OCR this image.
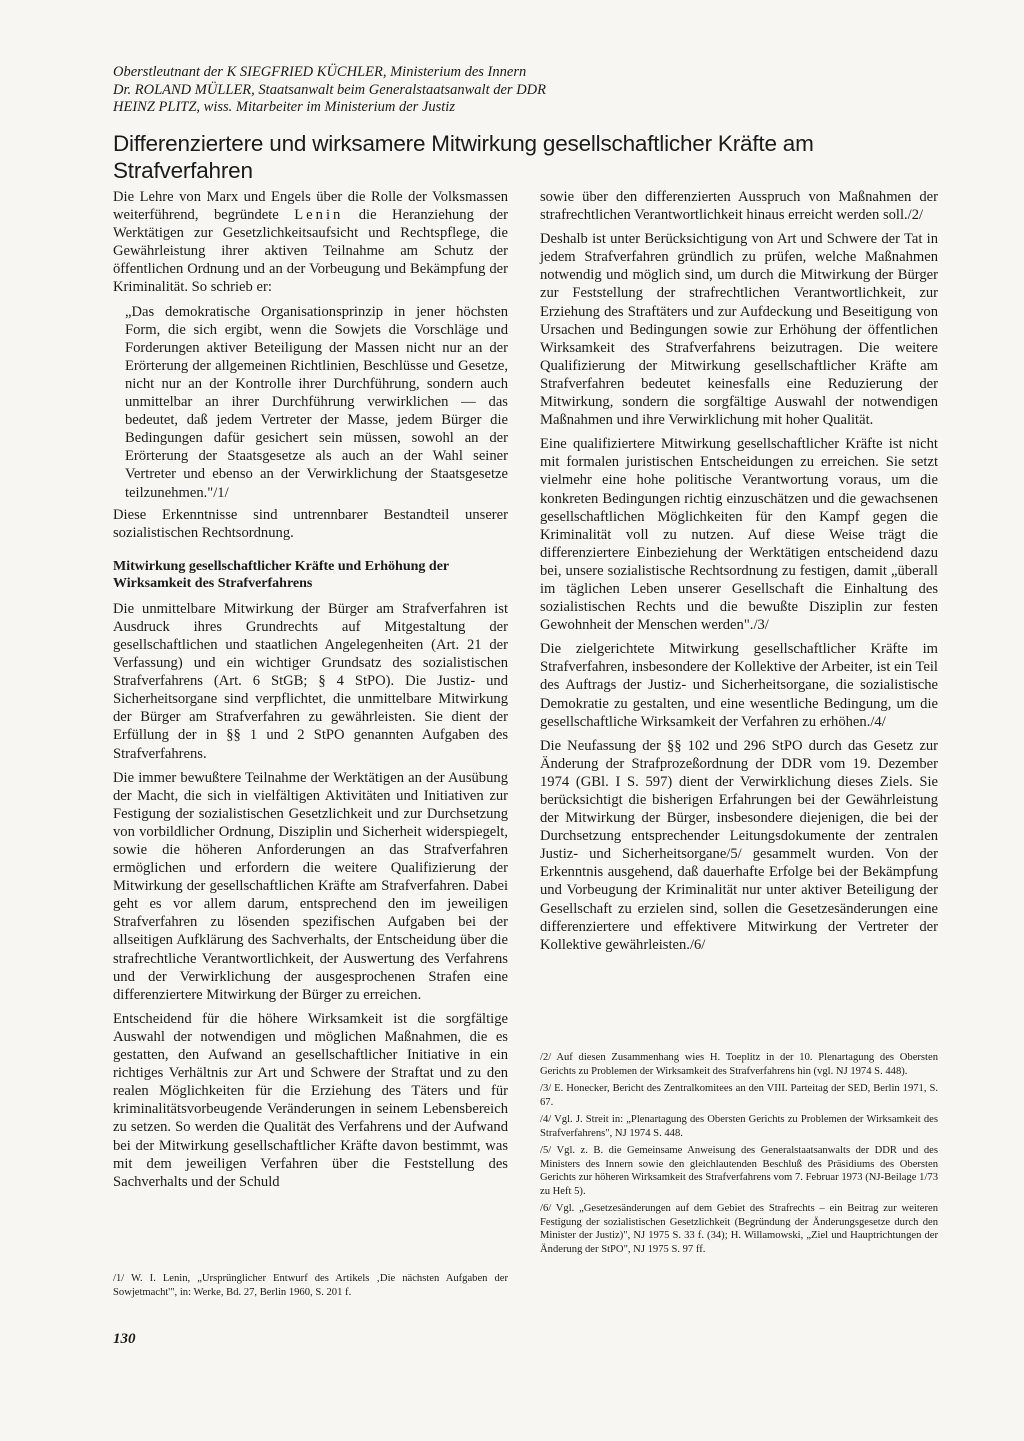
Oberstleutnant der K SIEGFRIED KÜCHLER, Ministerium des Innern
Dr. ROLAND MÜLLER, Staatsanwalt beim Generalstaatsanwalt der DDR
HEINZ PLITZ, wiss. Mitarbeiter im Ministerium der Justiz
Differenziertere und wirksamere Mitwirkung gesellschaftlicher Kräfte am Strafverfahren

Die Lehre von Marx und Engels über die Rolle der Volksmassen weiterführend, begründete Lenin die Heranziehung der Werktätigen zur Gesetzlichkeitsaufsicht und Rechtspflege, die Gewährleistung ihrer aktiven Teilnahme am Schutz der öffentlichen Ordnung und an der Vorbeugung und Bekämpfung der Kriminalität. So schrieb er:

„Das demokratische Organisationsprinzip in jener höchsten Form, die sich ergibt, wenn die Sowjets die Vorschläge und Forderungen aktiver Beteiligung der Massen nicht nur an der Erörterung der allgemeinen Richtlinien, Beschlüsse und Gesetze, nicht nur an der Kontrolle ihrer Durchführung, sondern auch unmittelbar an ihrer Durchführung verwirklichen — das bedeutet, daß jedem Vertreter der Masse, jedem Bürger die Bedingungen dafür gesichert sein müssen, sowohl an der Erörterung der Staatsgesetze als auch an der Wahl seiner Vertreter und ebenso an der Verwirklichung der Staatsgesetze teilzunehmen."/1/

Diese Erkenntnisse sind untrennbarer Bestandteil unserer sozialistischen Rechtsordnung.

Mitwirkung gesellschaftlicher Kräfte und Erhöhung der Wirksamkeit des Strafverfahrens

Die unmittelbare Mitwirkung der Bürger am Strafverfahren ist Ausdruck ihres Grundrechts auf Mitgestaltung der gesellschaftlichen und staatlichen Angelegenheiten (Art. 21 der Verfassung) und ein wichtiger Grundsatz des sozialistischen Strafverfahrens (Art. 6 StGB; § 4 StPO). Die Justiz- und Sicherheitsorgane sind verpflichtet, die unmittelbare Mitwirkung der Bürger am Strafverfahren zu gewährleisten. Sie dient der Erfüllung der in §§ 1 und 2 StPO genannten Aufgaben des Strafverfahrens.

Die immer bewußtere Teilnahme der Werktätigen an der Ausübung der Macht, die sich in vielfältigen Aktivitäten und Initiativen zur Festigung der sozialistischen Gesetzlichkeit und zur Durchsetzung von vorbildlicher Ordnung, Disziplin und Sicherheit widerspiegelt, sowie die höheren Anforderungen an das Strafverfahren ermöglichen und erfordern die weitere Qualifizierung der Mitwirkung der gesellschaftlichen Kräfte am Strafverfahren. Dabei geht es vor allem darum, entsprechend den im jeweiligen Strafverfahren zu lösenden spezifischen Aufgaben bei der allseitigen Aufklärung des Sachverhalts, der Entscheidung über die strafrechtliche Verantwortlichkeit, der Auswertung des Verfahrens und der Verwirklichung der ausgesprochenen Strafen eine differenziertere Mitwirkung der Bürger zu erreichen.

Entscheidend für die höhere Wirksamkeit ist die sorgfältige Auswahl der notwendigen und möglichen Maßnahmen, die es gestatten, den Aufwand an gesellschaftlicher Initiative in ein richtiges Verhältnis zur Art und Schwere der Straftat und zu den realen Möglichkeiten für die Erziehung des Täters und für kriminalitätsvorbeugende Veränderungen in seinem Lebensbereich zu setzen. So werden die Qualität des Verfahrens und der Aufwand bei der Mitwirkung gesellschaftlicher Kräfte davon bestimmt, was mit dem jeweiligen Verfahren über die Feststellung des Sachverhalts und der Schuld

sowie über den differenzierten Ausspruch von Maßnahmen der strafrechtlichen Verantwortlichkeit hinaus erreicht werden soll./2/

Deshalb ist unter Berücksichtigung von Art und Schwere der Tat in jedem Strafverfahren gründlich zu prüfen, welche Maßnahmen notwendig und möglich sind, um durch die Mitwirkung der Bürger zur Feststellung der strafrechtlichen Verantwortlichkeit, zur Erziehung des Straftäters und zur Aufdeckung und Beseitigung von Ursachen und Bedingungen sowie zur Erhöhung der öffentlichen Wirksamkeit des Strafverfahrens beizutragen. Die weitere Qualifizierung der Mitwirkung gesellschaftlicher Kräfte am Strafverfahren bedeutet keinesfalls eine Reduzierung der Mitwirkung, sondern die sorgfältige Auswahl der notwendigen Maßnahmen und ihre Verwirklichung mit hoher Qualität.

Eine qualifiziertere Mitwirkung gesellschaftlicher Kräfte ist nicht mit formalen juristischen Entscheidungen zu erreichen. Sie setzt vielmehr eine hohe politische Verantwortung voraus, um die konkreten Bedingungen richtig einzuschätzen und die gewachsenen gesellschaftlichen Möglichkeiten für den Kampf gegen die Kriminalität voll zu nutzen. Auf diese Weise trägt die differenziertere Einbeziehung der Werktätigen entscheidend dazu bei, unsere sozialistische Rechtsordnung zu festigen, damit „überall im täglichen Leben unserer Gesellschaft die Einhaltung des sozialistischen Rechts und die bewußte Disziplin zur festen Gewohnheit der Menschen werden"./3/

Die zielgerichtete Mitwirkung gesellschaftlicher Kräfte im Strafverfahren, insbesondere der Kollektive der Arbeiter, ist ein Teil des Auftrags der Justiz- und Sicherheitsorgane, die sozialistische Demokratie zu gestalten, und eine wesentliche Bedingung, um die gesellschaftliche Wirksamkeit der Verfahren zu erhöhen./4/

Die Neufassung der §§ 102 und 296 StPO durch das Gesetz zur Änderung der Strafprozeßordnung der DDR vom 19. Dezember 1974 (GBl. I S. 597) dient der Verwirklichung dieses Ziels. Sie berücksichtigt die bisherigen Erfahrungen bei der Gewährleistung der Mitwirkung der Bürger, insbesondere diejenigen, die bei der Durchsetzung entsprechender Leitungsdokumente der zentralen Justiz- und Sicherheitsorgane/5/ gesammelt wurden. Von der Erkenntnis ausgehend, daß dauerhafte Erfolge bei der Bekämpfung und Vorbeugung der Kriminalität nur unter aktiver Beteiligung der Gesellschaft zu erzielen sind, sollen die Gesetzesänderungen eine differenziertere und effektivere Mitwirkung der Vertreter der Kollektive gewährleisten./6/

/2/ Auf diesen Zusammenhang wies H. Toeplitz in der 10. Plenartagung des Obersten Gerichts zu Problemen der Wirksamkeit des Strafverfahrens hin (vgl. NJ 1974 S. 448).

/3/ E. Honecker, Bericht des Zentralkomitees an den VIII. Parteitag der SED, Berlin 1971, S. 67.

/4/ Vgl. J. Streit in: „Plenartagung des Obersten Gerichts zu Problemen der Wirksamkeit des Strafverfahrens", NJ 1974 S. 448.

/5/ Vgl. z. B. die Gemeinsame Anweisung des Generalstaatsanwalts der DDR und des Ministers des Innern sowie den gleichlautenden Beschluß des Präsidiums des Obersten Gerichts zur höheren Wirksamkeit des Strafverfahrens vom 7. Februar 1973 (NJ-Beilage 1/73 zu Heft 5).

/6/ Vgl. „Gesetzesänderungen auf dem Gebiet des Strafrechts – ein Beitrag zur weiteren Festigung der sozialistischen Gesetzlichkeit (Begründung der Änderungsgesetze durch den Minister der Justiz)", NJ 1975 S. 33 f. (34); H. Willamowski, „Ziel und Hauptrichtungen der Änderung der StPO", NJ 1975 S. 97 ff.

/1/ W. I. Lenin, „Ursprünglicher Entwurf des Artikels ‚Die nächsten Aufgaben der Sowjetmacht'", in: Werke, Bd. 27, Berlin 1960, S. 201 f.

130
